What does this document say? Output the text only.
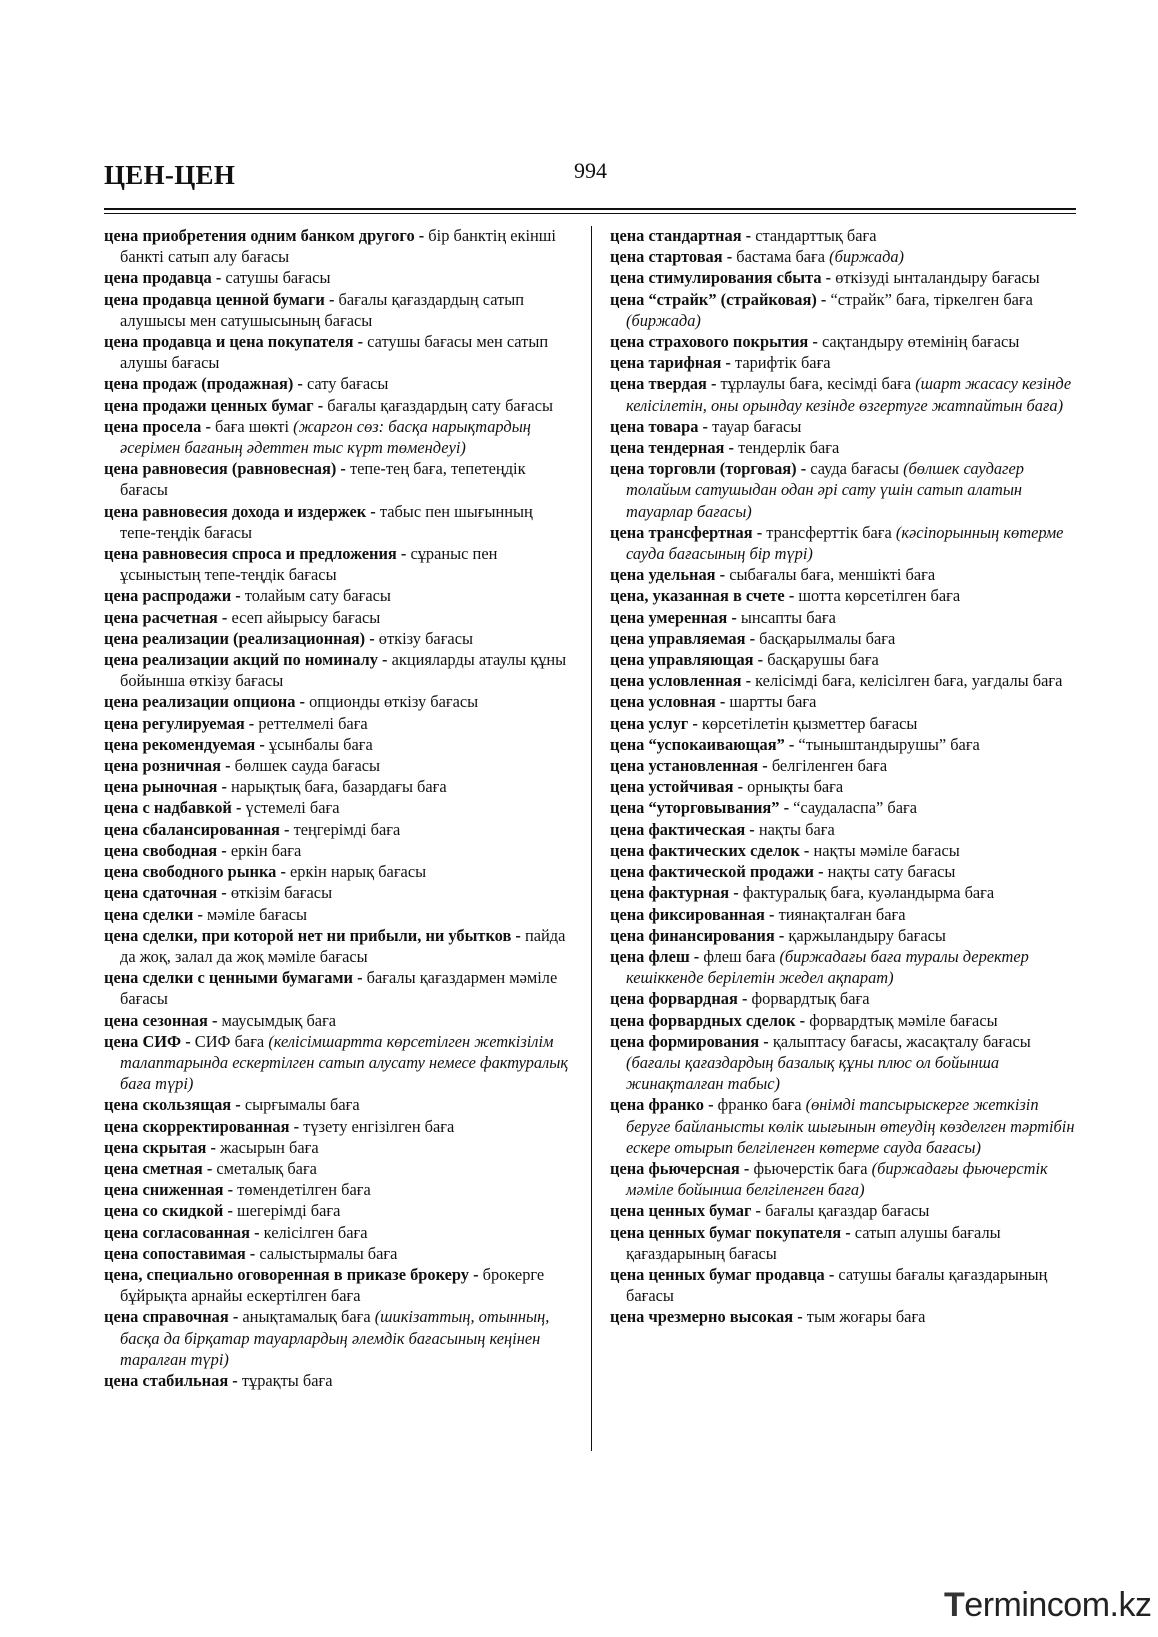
ЦЕН-ЦЕН	994

цена приобретения одним банком другого - бір банктің екінші банкті сатып алу бағасы

цена продавца - сатушы бағасы

цена продавца ценной бумаги - бағалы қағаздардың сатып алушысы мен сатушысының бағасы

цена продавца и цена покупателя - сатушы бағасы мен сатып алушы бағасы

цена продаж (продажная) - сату бағасы

цена продажи ценных бумаг - бағалы қағаздардың сату бағасы

цена просела - баға шөкті (жаргон сөз: басқа нарықтардың әсерімен бағаның әдеттен тыс күрт төмендеуі)

цена равновесия (равновесная) - тепе-тең баға, тепетеңдік бағасы

цена равновесия дохода и издержек - табыс пен шығынның тепе-теңдік бағасы

цена равновесия спроса и предложения - сұраныс пен ұсыныстың тепе-теңдік бағасы

цена распродажи - толайым сату бағасы

цена расчетная - есеп айырысу бағасы

цена реализации (реализационная) - өткізу бағасы

цена реализации акций по номиналу - акцияларды атаулы құны бойынша өткізу бағасы

цена реализации опциона - опционды өткізу бағасы

цена регулируемая - реттелмелі баға

цена рекомендуемая - ұсынбалы баға

цена розничная - бөлшек сауда бағасы

цена рыночная - нарықтық баға, базардағы баға

цена с надбавкой - үстемелі баға

цена сбалансированная - теңгерімді баға

цена свободная - еркін баға

цена свободного рынка - еркін нарық бағасы

цена сдаточная - өткізім бағасы

цена сделки - мәміле бағасы

цена сделки, при которой нет ни прибыли, ни убытков - пайда да жоқ, залал да жоқ мәміле бағасы

цена сделки с ценными бумагами - бағалы қағаздармен мәміле бағасы

цена сезонная - маусымдық баға

цена СИФ - СИФ баға (келісімшартта көрсетілген жеткізілім талаптарында ескертілген сатып алусату немесе фактуралық баға түрі)

цена скользящая - сырғымалы баға

цена скорректированная - түзету енгізілген баға

цена скрытая - жасырын баға

цена сметная - сметалық баға

цена сниженная - төмендетілген баға

цена со скидкой - шегерімді баға

цена согласованная - келісілген баға

цена сопоставимая - салыстырмалы баға

цена, специально оговоренная в приказе брокеру - брокерге бұйрықта арнайы ескертілген баға

цена справочная - анықтамалық баға (шикізаттың, отынның, басқа да бірқатар тауарлардың әлемдік бағасының кеңінен таралған түрі)

цена стабильная - тұрақты баға

цена стандартная - стандарттық баға

цена стартовая - бастама баға (биржада)

цена стимулирования сбыта - өткізуді ынталандыру бағасы

цена “страйк” (страйковая) - “страйк” баға, тіркелген баға (биржада)

цена страхового покрытия - сақтандыру өтемінің бағасы

цена тарифная - тарифтік баға

цена твердая - тұрлаулы баға, кесімді баға (шарт жасасу кезінде келісілетін, оны орындау кезінде өзгертуге жатпайтын баға)

цена товара - тауар бағасы

цена тендерная - тендерлік баға

цена торговли (торговая) - сауда бағасы (бөлшек саудагер толайым сатушыдан одан әрі сату үшін сатып алатын тауарлар бағасы)

цена трансфертная - трансферттік баға (кәсіпорынның көтерме сауда бағасының бір түрі)

цена удельная - сыбағалы баға, меншікті баға

цена, указанная в счете - шотта көрсетілген баға

цена умеренная - ынсапты баға

цена управляемая - басқарылмалы баға

цена управляющая - басқарушы баға

цена условленная - келісімді баға, келісілген баға, уағдалы баға

цена условная - шартты баға

цена услуг - көрсетілетін қызметтер бағасы

цена “успокаивающая” - “тыныштандырушы” баға

цена установленная - белгіленген баға

цена устойчивая - орнықты баға

цена “уторговывания” - “саудаласпа” баға

цена фактическая - нақты баға

цена фактических сделок - нақты мәміле бағасы

цена фактической продажи - нақты сату бағасы

цена фактурная - фактуралық баға, куәландырма баға

цена фиксированная - тиянақталған баға

цена финансирования - қаржыландыру бағасы

цена флеш - флеш баға (биржадағы баға туралы деректер кешіккенде берілетін жедел ақпарат)

цена форвардная - форвардтық баға

цена форвардных сделок - форвардтық мәміле бағасы

цена формирования - қалыптасу бағасы, жасақталу бағасы (бағалы қағаздардың базалық құны плюс ол бойынша жинақталған табыс)

цена франко - франко баға (өнімді тапсырыскерге жеткізіп беруге байланысты көлік шығынын өтеудің көзделген тәртібін ескере отырып белгіленген көтерме сауда бағасы)

цена фьючерсная - фьючерстік баға (биржадағы фьючерстік мәміле бойынша белгіленген баға)

цена ценных бумаг - бағалы қағаздар бағасы

цена ценных бумаг покупателя - сатып алушы бағалы қағаздарының бағасы

цена ценных бумаг продавца - сатушы бағалы қағаздарының бағасы

цена чрезмерно высокая - тым жоғары баға

Termincom.kz
